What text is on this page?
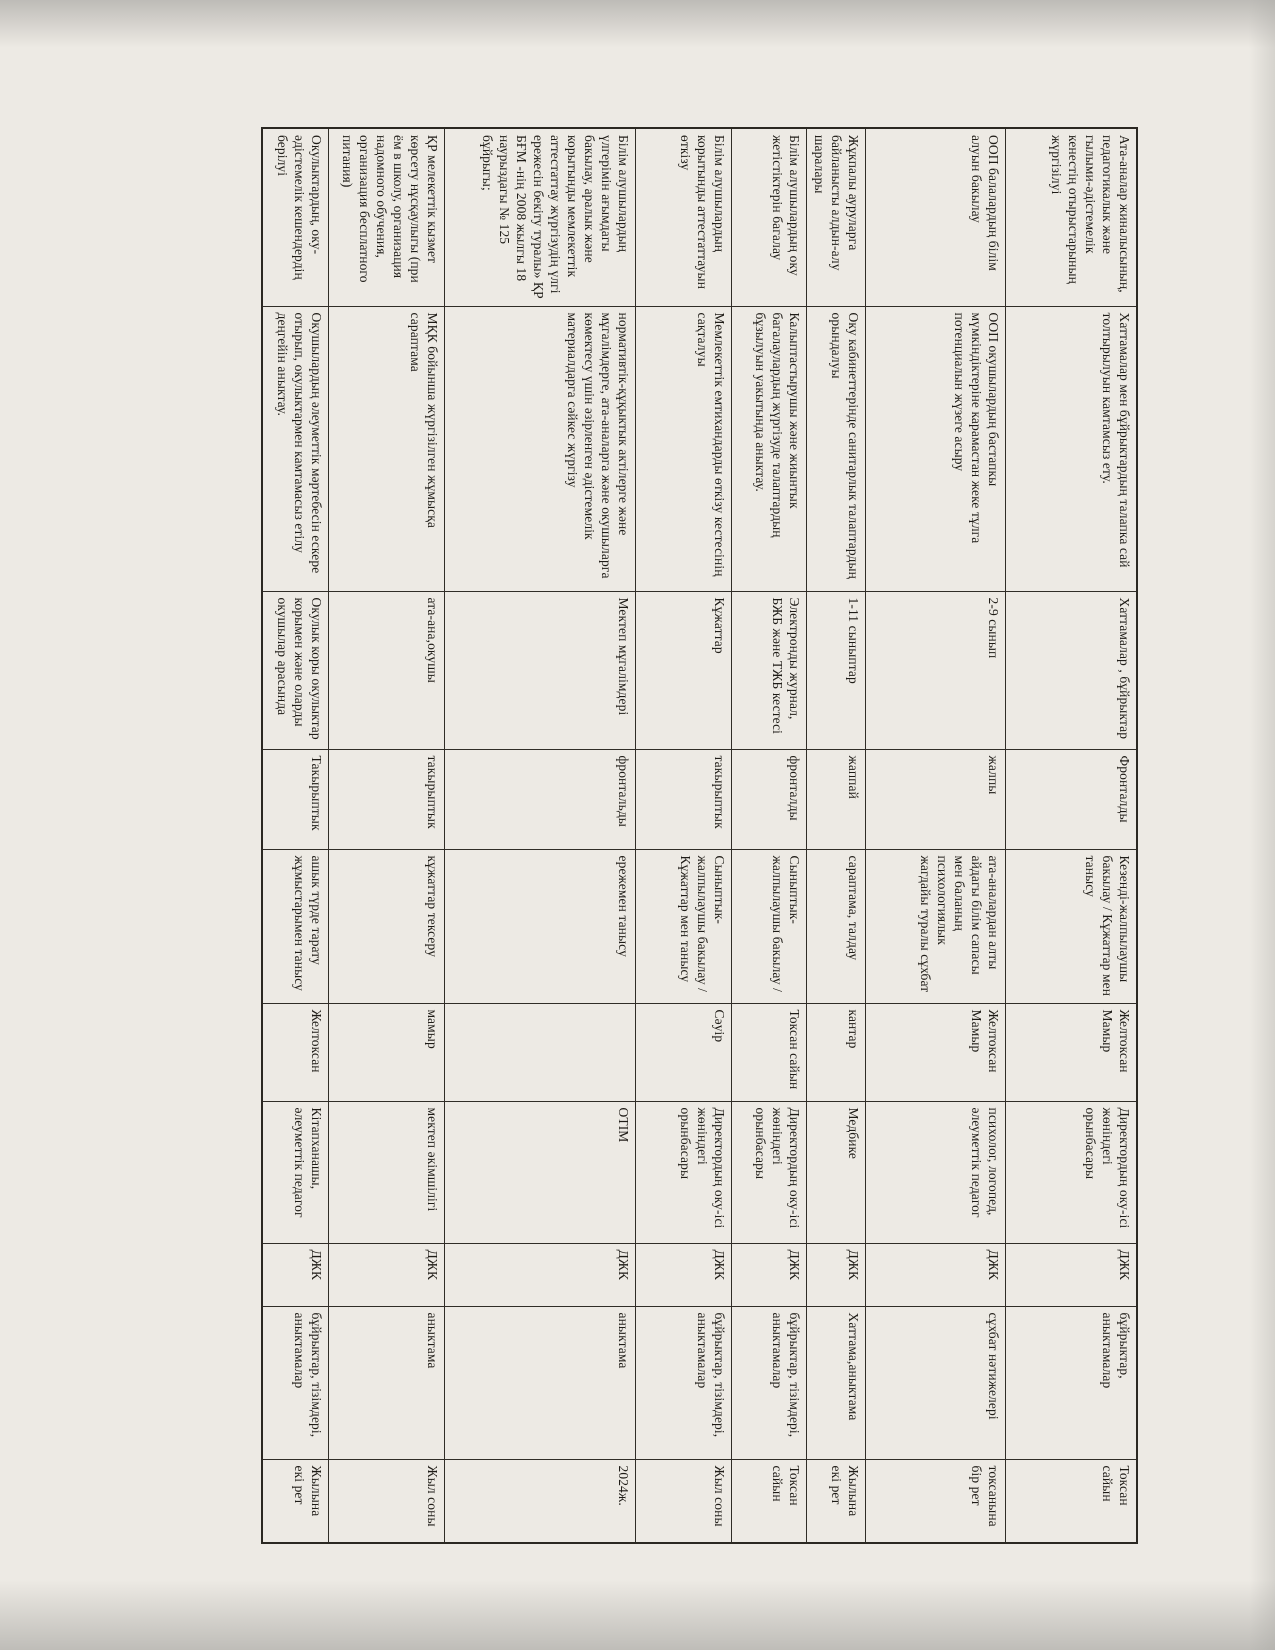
Ата-аналар жиналысының, педагогикалык және гылыми-әдістемелік кенестің отырыстарының жүргізілуі	Хаттамалар мен бұйрыктардың талапка сай толтырылуын камтамсыз ету.	Хаттамалар , бұйрыктар	Фронталды	Кезенді-жалпылаушы бакылау / Кұжаттар мен танысу	Желтоксан Мамыр	Директордың оку-ісі жөніндегі орынбасары	ДЖК	бұйрыктар, аныктамалар	Токсан сайын
ООП балалардың білім алуын бакылау	ООП окушылардың бастапкы мүмкіндіктеріне карамастан жеке тұлга потенциалын жүзеге асыру	2-9 сынып	жалпы	ата-аналардан алты айдагы білім сапасы мен баланың психологиялык жагдайы туралы сұхбат	Желтоксан Мамыр	психолог, логопед, әлеуметтік педагог	ДЖК	сұхбат нәтижелері	токсанына бір рет
Жұкпалы ауруларга байланысты алдын-алу шаралары	Оку кабинеттерінде санитарлык талаптардың орындалуы	1-11 сыныптар	жаппай	сараптама, талдау	кантар	Медбике	ДЖК	Хаттама,аныктама	Жылына екі рет
Білім алушылардың оку жетістіктерін багалау	Калыптастырушы және жиынтык багалаулардың жүргізуде талаптардың бұзылуын уакытында аныктау.	Электронды журнал, БЖБ және ТЖБ кестесі	фронталды	Сыныптык-жалпылаушы бакылау /	Токсан сайын	Директордың оку-ісі жөніндегі орынбасары	ДЖК	бұйрыктар, тізімдері, аныктамалар	Токсан сайын
Білім алушылардың корытынды аттестаттауын өткізу	Мемлекеттік емтихандарды өткізу кестесінің сақталуы	Кұжаттар	такырыптык	Сыныптык-жалпылаушы бакылау / Кұжаттар мен танысу	Сәуір	Директордың оку-ісі жөніндегі орынбасары	ДЖК	бұйрыктар, тізімдері, аныктамалар	Жыл соны
Білім алушылардың үлгерімін ағымдагы бакылау, аралык және корытынды мемлекеттік аттестаттау жүргізудің үлгі ережесін бекіту туралы» ҚР БҒМ -нің 2008 жылгы 18 наурыздагы № 125 бұйрыгы;	нормативтік-құқыктык актілерге және мұгалімдерге, ата-аналарга және окушыларга көмектесу үшін әзірленген әдістемелік материалдарга сәйкес жүргізу	Мектеп мұгалімдері	фронтальды	ережемен танысу		ОТІМ	ДЖК	аныктама	2024ж.
ҚР мелекеттік кызмет көрсету нұсқаулыгы (при ём в школу, организация надомного обучения, организация бесплатного питания)	МҚК бойынша жүргізілген жұмысқа сараптама	ата-ана,окушы	такырыптык	кұжаттар тексеру	мамыр	мектеп әкімшілігі	ДЖК	аныктама	Жыл соны
Окулыктардың, оку-әдістемелік кешендердің берілуі	Окушылардың әлеуметтік мәртебесін ескере отырып, окулыктармен камтамасыз етілу деңгейін аныктау.	Окулык коры окулыктар корымен және оларды окушылар арасында	Такырыптык	ашык түрде тарату жұмыстарымен танысу	Желтоксан	Кітапханашы, әлеуметтік педагог	ДЖК	бұйрыктар, тізімдері, аныктамалар	Жылына екі рет
